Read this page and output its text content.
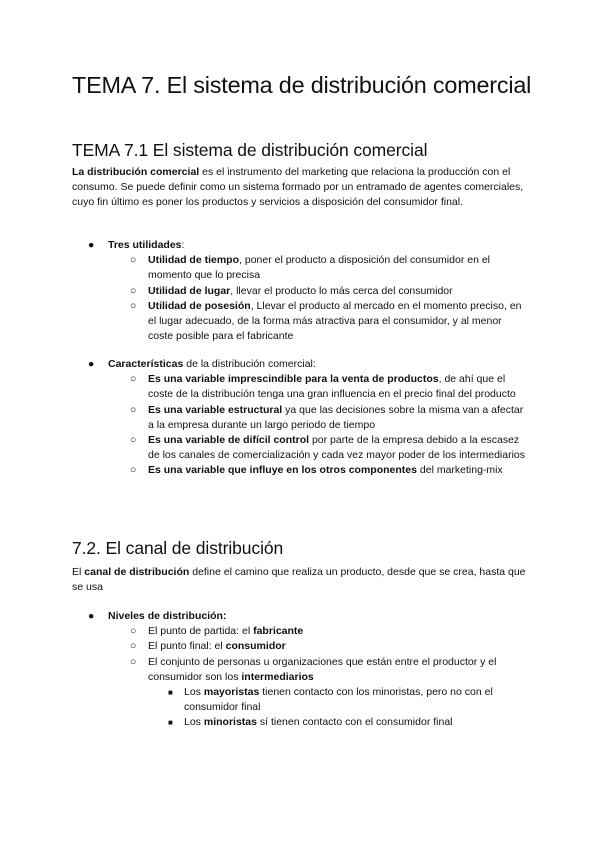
TEMA 7. El sistema de distribución comercial
TEMA 7.1 El sistema de distribución comercial

La distribución comercial es el instrumento del marketing que relaciona la producción con el consumo. Se puede definir como un sistema formado por un entramado de agentes comerciales, cuyo fin último es poner los productos y servicios a disposición del consumidor final.

●	Tres utilidades:
○ Utilidad de tiempo, poner el producto a disposición del consumidor en el momento que lo precisa
○ Utilidad de lugar, llevar el producto lo más cerca del consumidor
○ Utilidad de posesión, Llevar el producto al mercado en el momento preciso, en el lugar adecuado, de la forma más atractiva para el consumidor, y al menor coste posible para el fabricante
●	Características de la distribución comercial:
○ Es una variable imprescindible para la venta de productos, de ahí que el coste de la distribución tenga una gran influencia en el precio final del producto
○ Es una variable estructural ya que las decisiones sobre la misma van a afectar a la empresa durante un largo periodo de tiempo
○ Es una variable de difícil control por parte de la empresa debido a la escasez de los canales de comercialización y cada vez mayor poder de los intermediarios
○ Es una variable que influye en los otros componentes del marketing-mix
7.2. El canal de distribución

El canal de distribución define el camino que realiza un producto, desde que se crea, hasta que se usa

●	Niveles de distribución:
○ El punto de partida: el fabricante
○ El punto final: el consumidor
○ El conjunto de personas u organizaciones que están entre el productor y el consumidor son los intermediarios
■ Los mayoristas tienen contacto con los minoristas, pero no con el consumidor final
■ Los minoristas sí tienen contacto con el consumidor final
